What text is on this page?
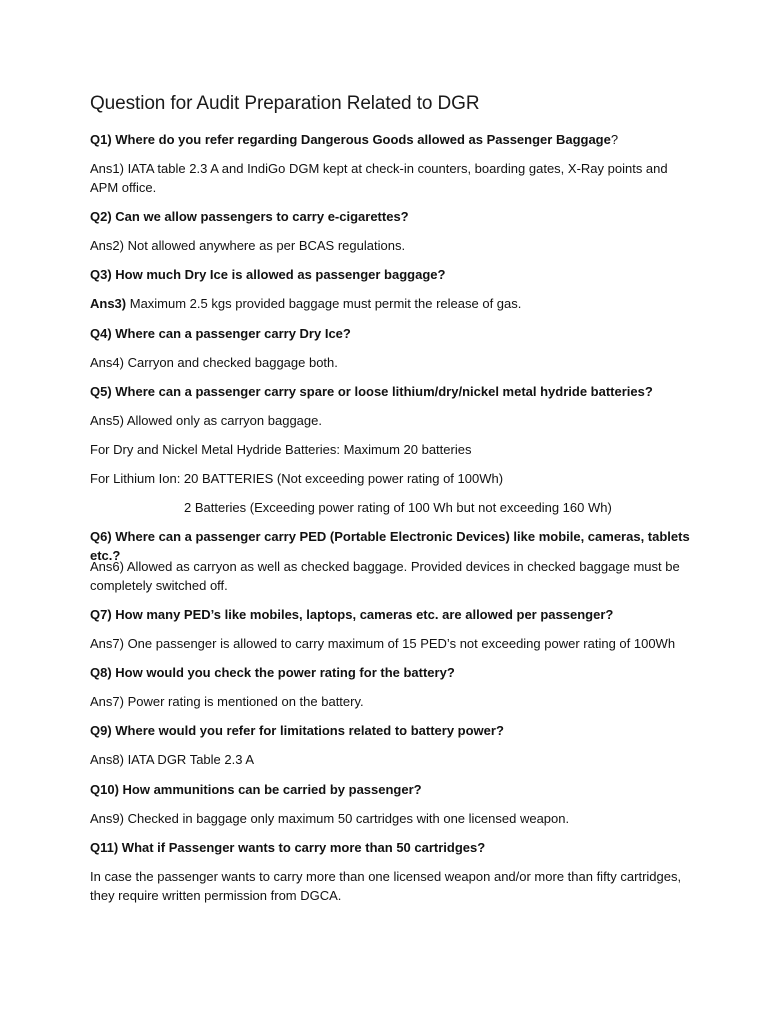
Question for Audit Preparation Related to DGR
Q1) Where do you refer regarding Dangerous Goods allowed as Passenger Baggage?
Ans1) IATA table 2.3 A and IndiGo DGM kept at check-in counters, boarding gates, X-Ray points and APM office.
Q2) Can we allow passengers to carry e-cigarettes?
Ans2) Not allowed anywhere as per BCAS regulations.
Q3) How much Dry Ice is allowed as passenger baggage?
Ans3) Maximum 2.5 kgs provided baggage must permit the release of gas.
Q4) Where can a passenger carry Dry Ice?
Ans4) Carryon and checked baggage both.
Q5) Where can a passenger carry spare or loose lithium/dry/nickel metal hydride batteries?
Ans5) Allowed only as carryon baggage.
For Dry and Nickel Metal Hydride Batteries: Maximum 20 batteries
For Lithium Ion: 20 BATTERIES (Not exceeding power rating of 100Wh)
2 Batteries (Exceeding power rating of 100 Wh but not exceeding 160 Wh)
Q6) Where can a passenger carry PED (Portable Electronic Devices) like mobile, cameras, tablets etc.?
Ans6) Allowed as carryon as well as checked baggage. Provided devices in checked baggage must be completely switched off.
Q7) How many PED’s like mobiles, laptops, cameras etc. are allowed per passenger?
Ans7) One passenger is allowed to carry maximum of 15 PED’s not exceeding power rating of 100Wh
Q8) How would you check the power rating for the battery?
Ans7) Power rating is mentioned on the battery.
Q9) Where would you refer for limitations related to battery power?
Ans8) IATA DGR Table 2.3 A
Q10) How ammunitions can be carried by passenger?
Ans9) Checked in baggage only maximum 50 cartridges with one licensed weapon.
Q11) What if Passenger wants to carry more than 50 cartridges?
In case the passenger wants to carry more than one licensed weapon and/or more than fifty cartridges, they require written permission from DGCA.
